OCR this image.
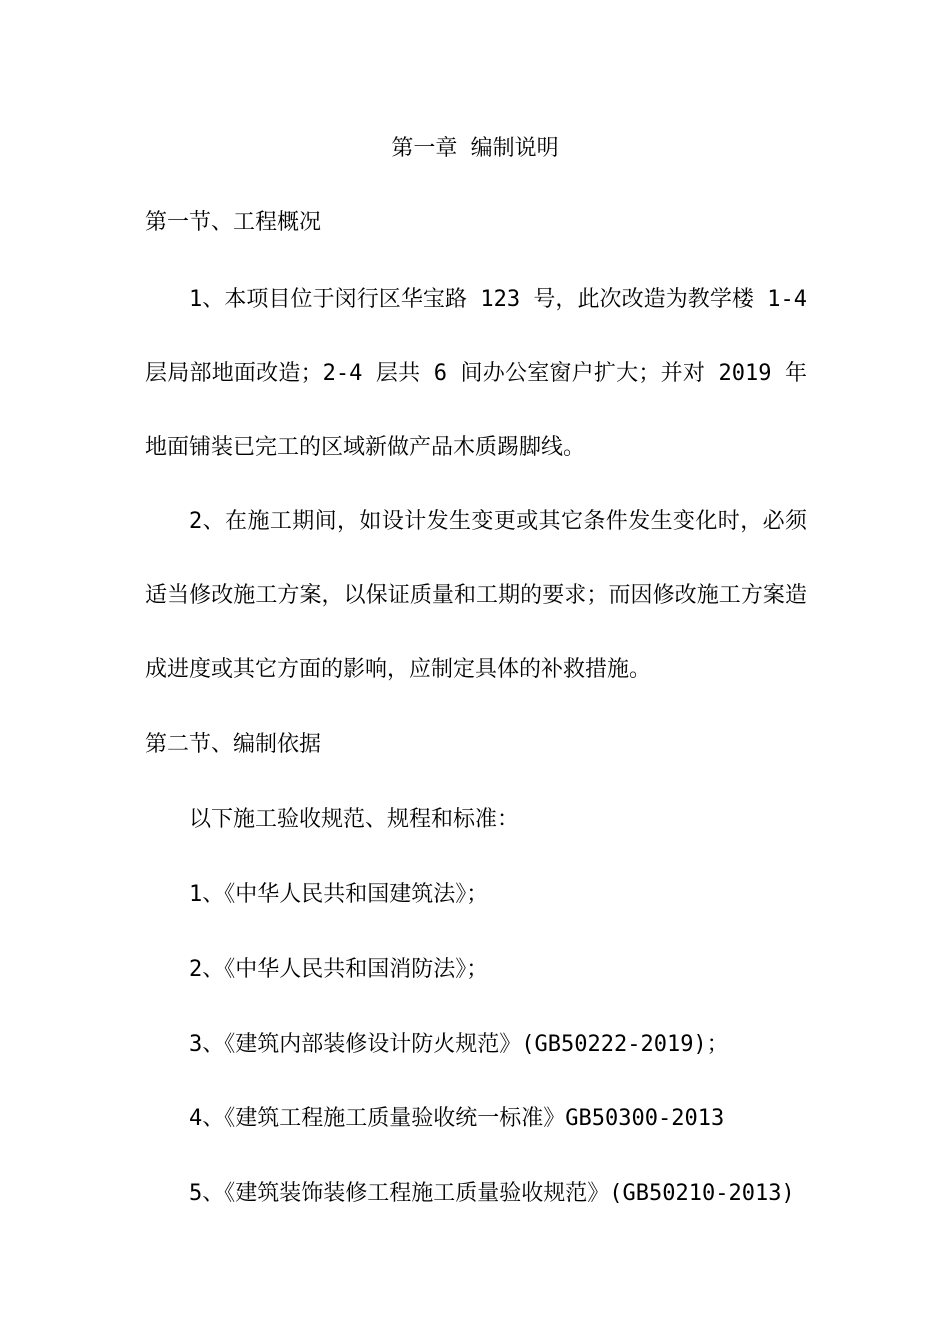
第一章 编制说明
第一节、工程概况

1、本项目位于闵行区华宝路 123 号，此次改造为教学楼 1-4 层局部地面改造；2-4 层共 6 间办公室窗户扩大；并对 2019 年地面铺装已完工的区域新做产品木质踢脚线。

2、在施工期间，如设计发生变更或其它条件发生变化时，必须适当修改施工方案，以保证质量和工期的要求；而因修改施工方案造成进度或其它方面的影响，应制定具体的补救措施。

第二节、编制依据
以下施工验收规范、规程和标准：
1、《中华人民共和国建筑法》；
2、《中华人民共和国消防法》；
3、《建筑内部装修设计防火规范》(GB50222-2019)；
4、《建筑工程施工质量验收统一标准》GB50300-2013
5、《建筑装饰装修工程施工质量验收规范》(GB50210-2013)
